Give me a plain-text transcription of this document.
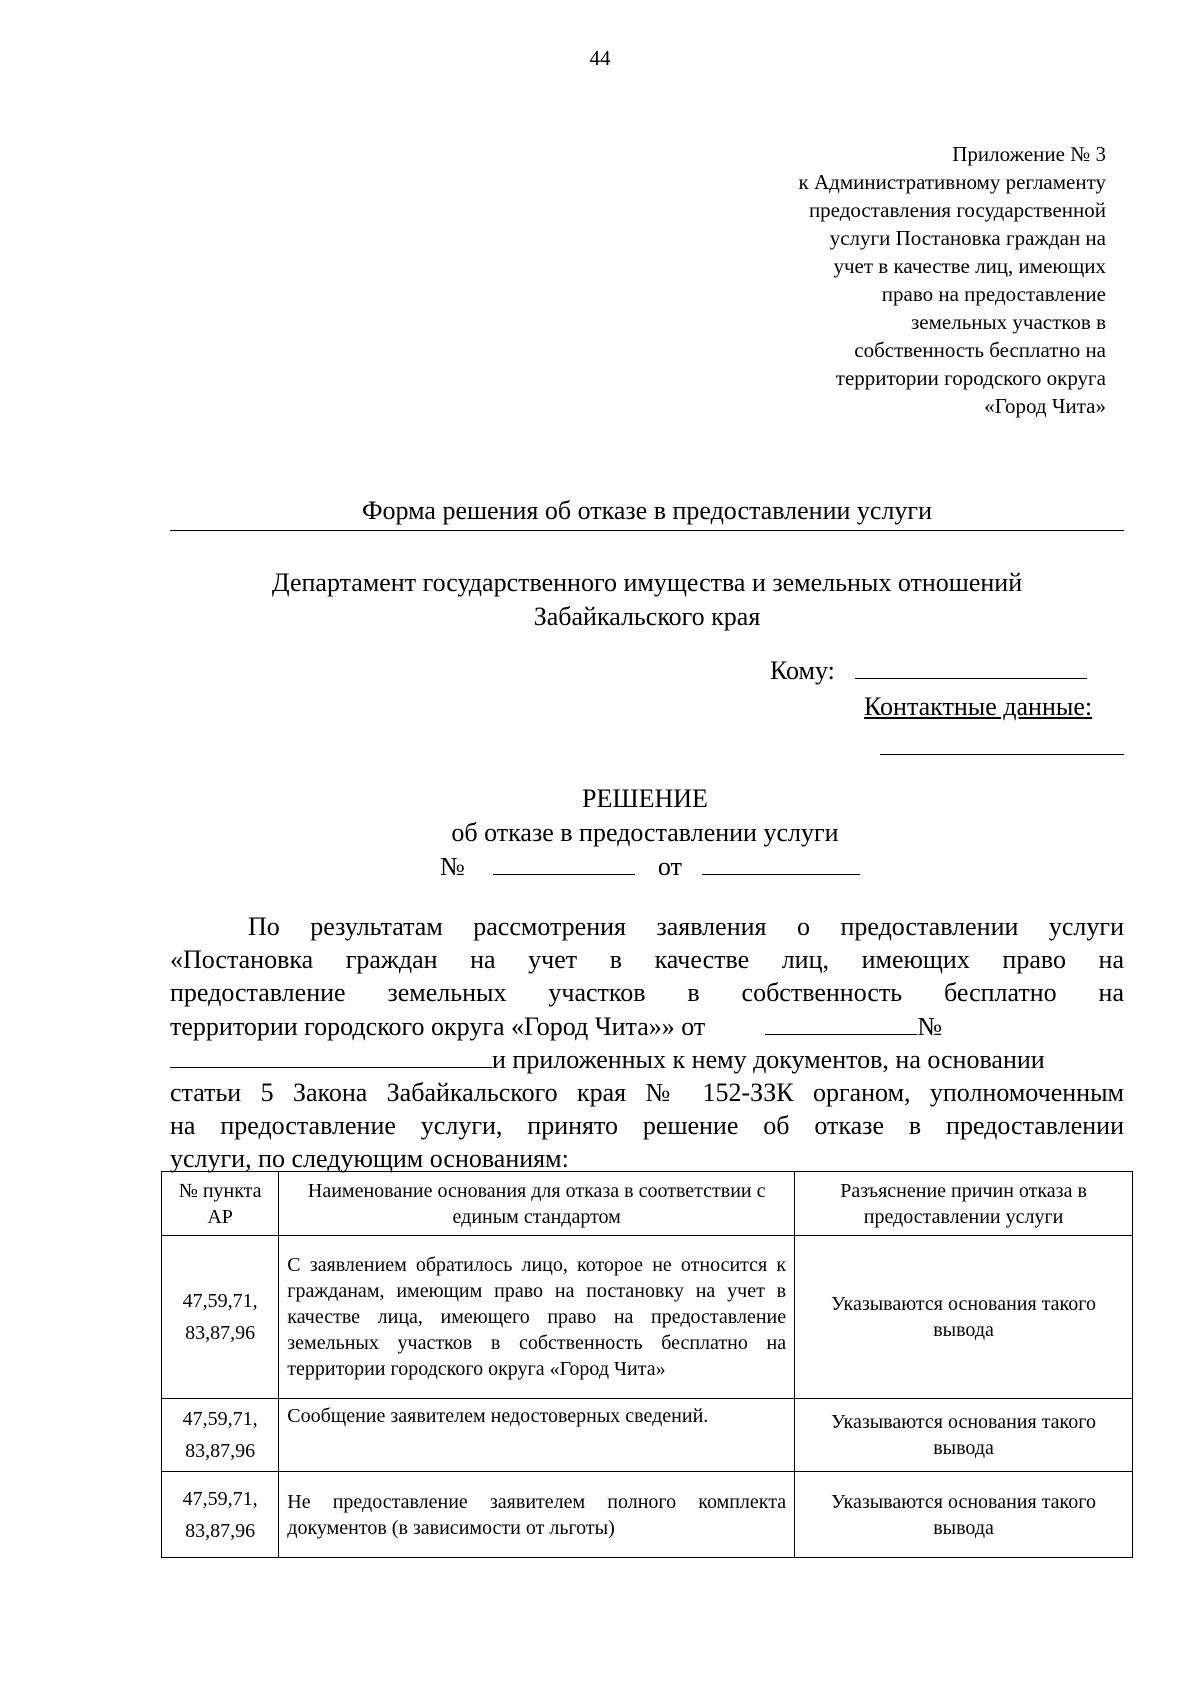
44
Приложение № 3
к Административному регламенту
предоставления государственной
услуги Постановка граждан на
учет в качестве лиц, имеющих
право на предоставление
земельных участков в
собственность бесплатно на
территории городского округа
«Город Чита»
Форма решения об отказе в предоставлении услуги
Департамент государственного имущества и земельных отношений
Забайкальского края
Кому:
Контактные данные:
РЕШЕНИЕ
об отказе в предоставлении услуги
№	от
По результатам рассмотрения заявления о предоставлении услуги
«Постановка граждан на учет в качестве лиц, имеющих право на
предоставление земельных участков в собственность бесплатно на
территории городского округа «Город Чита»» от	№
и приложенных к нему документов, на основании
статьи 5 Закона Забайкальского края № 152-ЗЗК органом, уполномоченным
на предоставление услуги, принято решение об отказе в предоставлении
услуги, по следующим основаниям:
№ пункта АР	Наименование основания для отказа в соответствии с единым стандартом	Разъяснение причин отказа в предоставлении услуги
47,59,71, 83,87,96	С заявлением обратилось лицо, которое не относится к гражданам, имеющим право на постановку на учет в качестве лица, имеющего право на предоставление земельных участков в собственность бесплатно на территории городского округа «Город Чита»	Указываются основания такого вывода
47,59,71, 83,87,96	Сообщение заявителем недостоверных сведений.	Указываются основания такого вывода
47,59,71, 83,87,96	Не предоставление заявителем полного комплекта документов (в зависимости от льготы)	Указываются основания такого вывода
